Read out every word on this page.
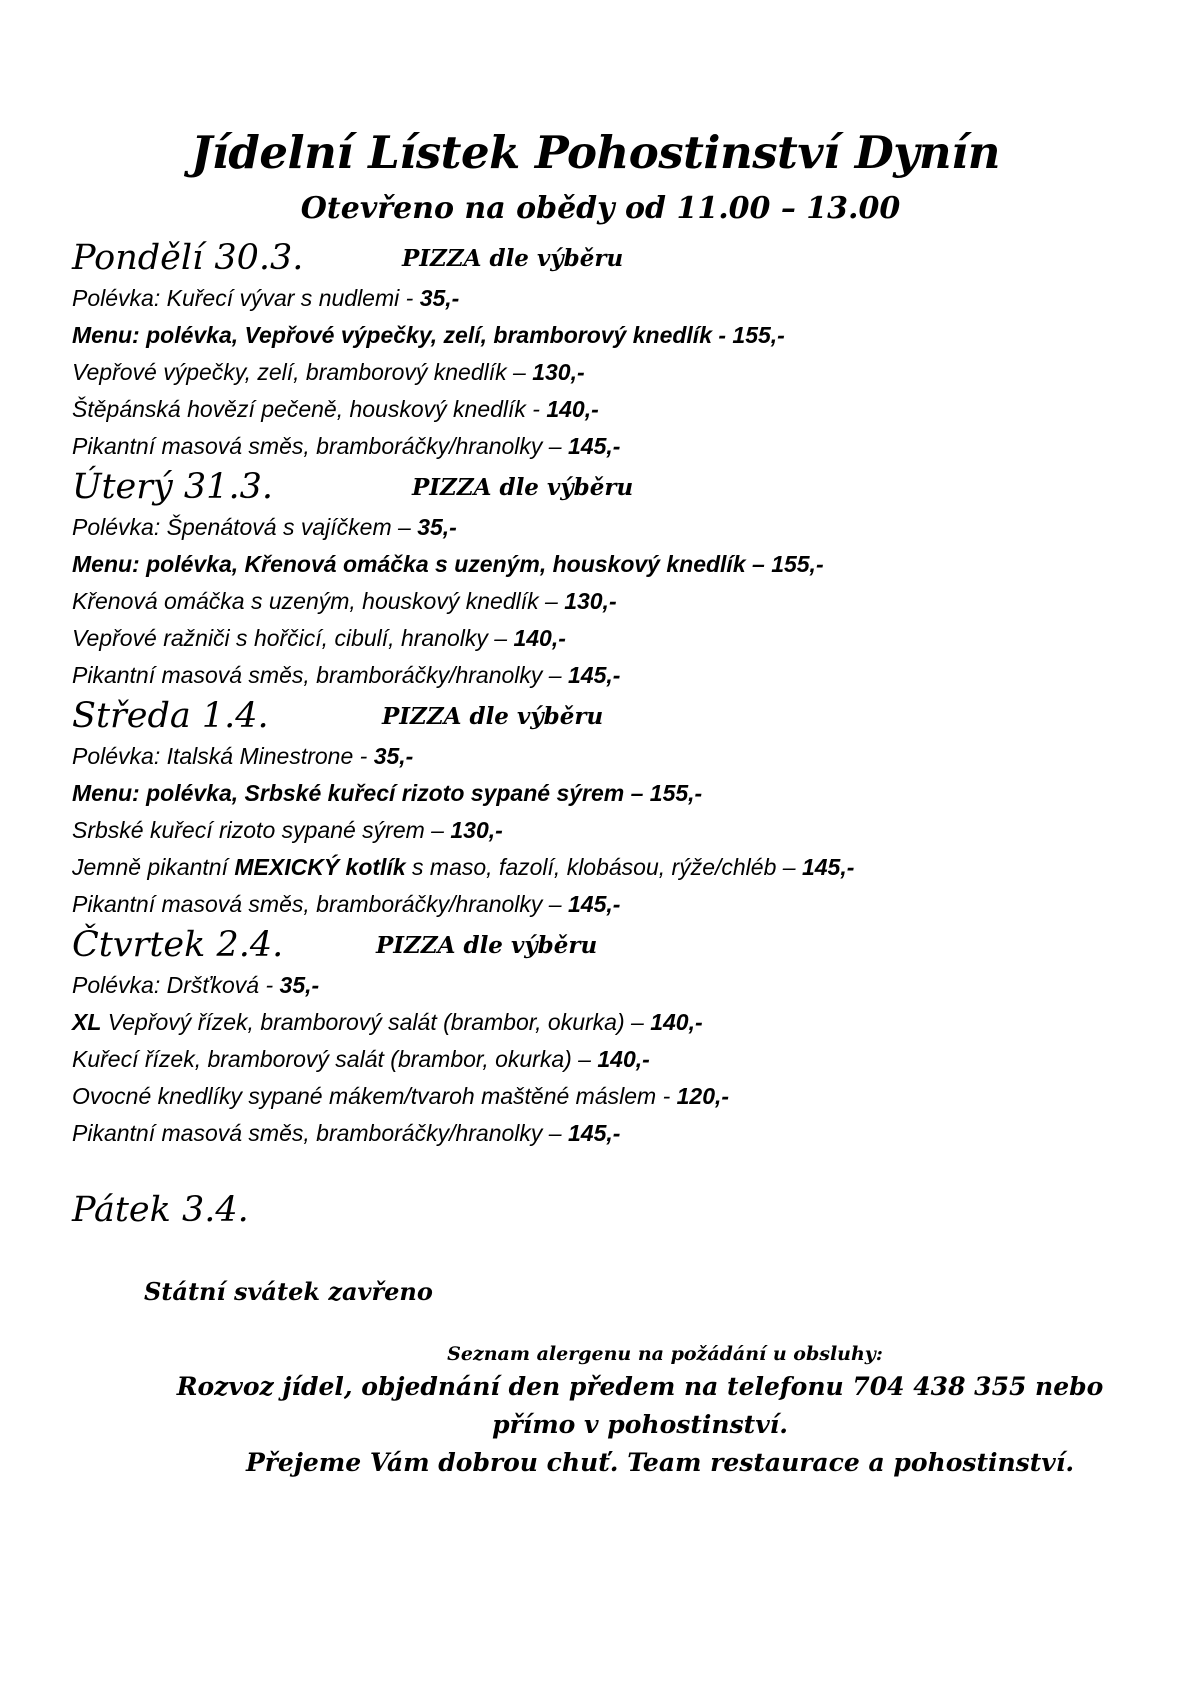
Jídelní Lístek Pohostinství Dynín
Otevřeno na obědy od 11.00 – 13.00
Pondělí 30.3.	PIZZA dle výběru
Polévka: Kuřecí vývar s nudlemi - 35,-
Menu: polévka, Vepřové výpečky, zelí, bramborový knedlík - 155,-
Vepřové výpečky, zelí, bramborový knedlík – 130,-
Štěpánská hovězí pečeně, houskový knedlík - 140,-
Pikantní masová směs, bramboráčky/hranolky – 145,-
Úterý 31.3.	PIZZA dle výběru
Polévka: Špenátová s vajíčkem – 35,-
Menu: polévka, Křenová omáčka s uzeným, houskový knedlík – 155,-
Křenová omáčka s uzeným, houskový knedlík – 130,-
Vepřové ražniči s hořčicí, cibulí, hranolky – 140,-
Pikantní masová směs, bramboráčky/hranolky – 145,-
Středa 1.4.	PIZZA dle výběru
Polévka: Italská Minestrone - 35,-
Menu: polévka, Srbské kuřecí rizoto sypané sýrem – 155,-
Srbské kuřecí rizoto sypané sýrem – 130,-
Jemně pikantní MEXICKÝ kotlík s maso, fazolí, klobásou, rýže/chléb – 145,-
Pikantní masová směs, bramboráčky/hranolky – 145,-
Čtvrtek 2.4.	PIZZA dle výběru
Polévka: Dršťková - 35,-
XL Vepřový řízek, bramborový salát (brambor, okurka) – 140,-
Kuřecí řízek, bramborový salát (brambor, okurka) – 140,-
Ovocné knedlíky sypané mákem/tvaroh maštěné máslem - 120,-
Pikantní masová směs, bramboráčky/hranolky – 145,-
Pátek 3.4.
Státní svátek zavřeno
Seznam alergenu na požádání u obsluhy:
Rozvoz jídel, objednání den předem na telefonu 704 438 355 nebo přímo v pohostinství.
Přejeme Vám dobrou chuť. Team restaurace a pohostinství.
